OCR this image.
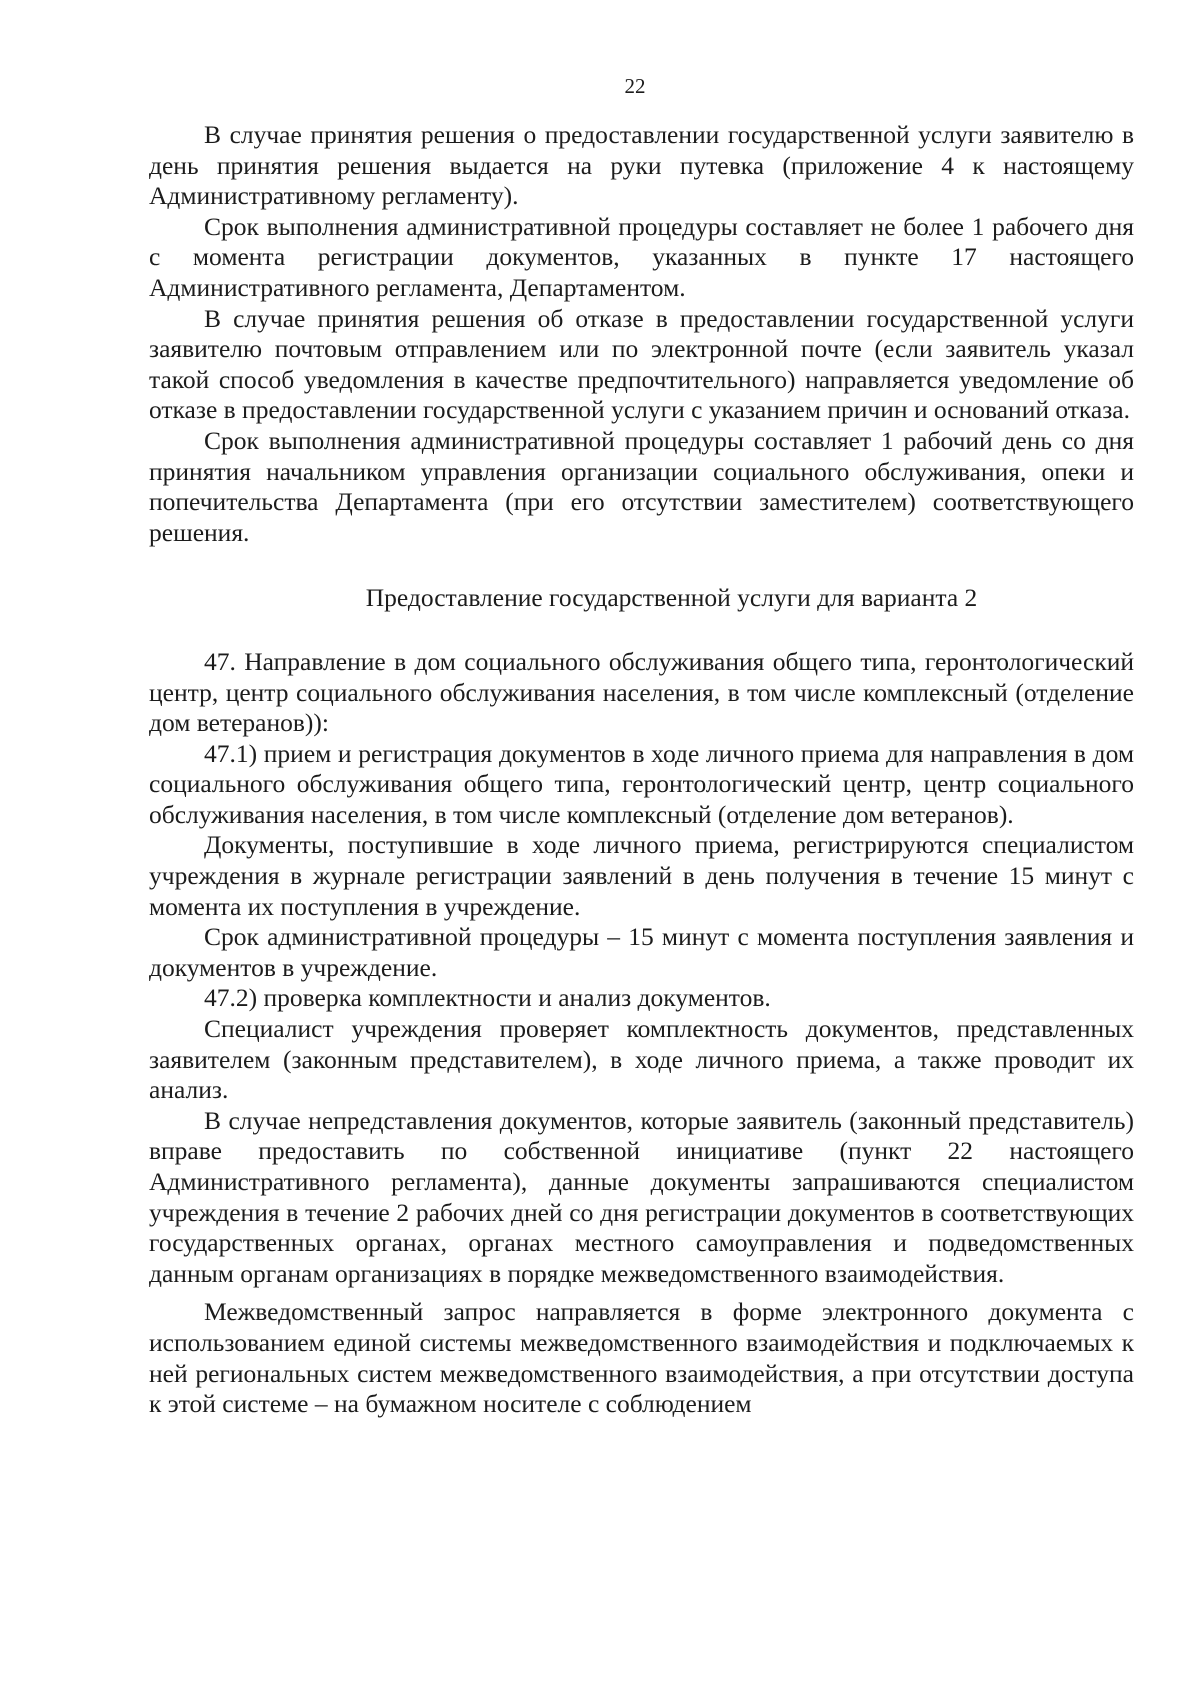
22

В случае принятия решения о предоставлении государственной услуги заявителю в день принятия решения выдается на руки путевка (приложение 4 к настоящему Административному регламенту).

Срок выполнения административной процедуры составляет не более 1 рабочего дня с момента регистрации документов, указанных в пункте 17 настоящего Административного регламента, Департаментом.

В случае принятия решения об отказе в предоставлении государственной услуги заявителю почтовым отправлением или по электронной почте (если заявитель указал такой способ уведомления в качестве предпочтительного) направляется уведомление об отказе в предоставлении государственной услуги с указанием причин и оснований отказа.

Срок выполнения административной процедуры составляет 1 рабочий день со дня принятия начальником управления организации социального обслуживания, опеки и попечительства Департамента (при его отсутствии заместителем) соответствующего решения.

Предоставление государственной услуги для варианта 2

47. Направление в дом социального обслуживания общего типа, геронтологический центр, центр социального обслуживания населения, в том числе комплексный (отделение дом ветеранов)):

47.1) прием и регистрация документов в ходе личного приема для направления в дом социального обслуживания общего типа, геронтологический центр, центр социального обслуживания населения, в том числе комплексный (отделение дом ветеранов).

Документы, поступившие в ходе личного приема, регистрируются специалистом учреждения в журнале регистрации заявлений в день получения в течение 15 минут с момента их поступления в учреждение.

Срок административной процедуры – 15 минут с момента поступления заявления и документов в учреждение.

47.2) проверка комплектности и анализ документов.

Специалист учреждения проверяет комплектность документов, представленных заявителем (законным представителем), в ходе личного приема, а также проводит их анализ.

В случае непредставления документов, которые заявитель (законный представитель) вправе предоставить по собственной инициативе (пункт 22 настоящего Административного регламента), данные документы запрашиваются специалистом учреждения в течение 2 рабочих дней со дня регистрации документов в соответствующих государственных органах, органах местного самоуправления и подведомственных данным органам организациях в порядке межведомственного взаимодействия.

Межведомственный запрос направляется в форме электронного документа с использованием единой системы межведомственного взаимодействия и подключаемых к ней региональных систем межведомственного взаимодействия, а при отсутствии доступа к этой системе – на бумажном носителе с соблюдением
